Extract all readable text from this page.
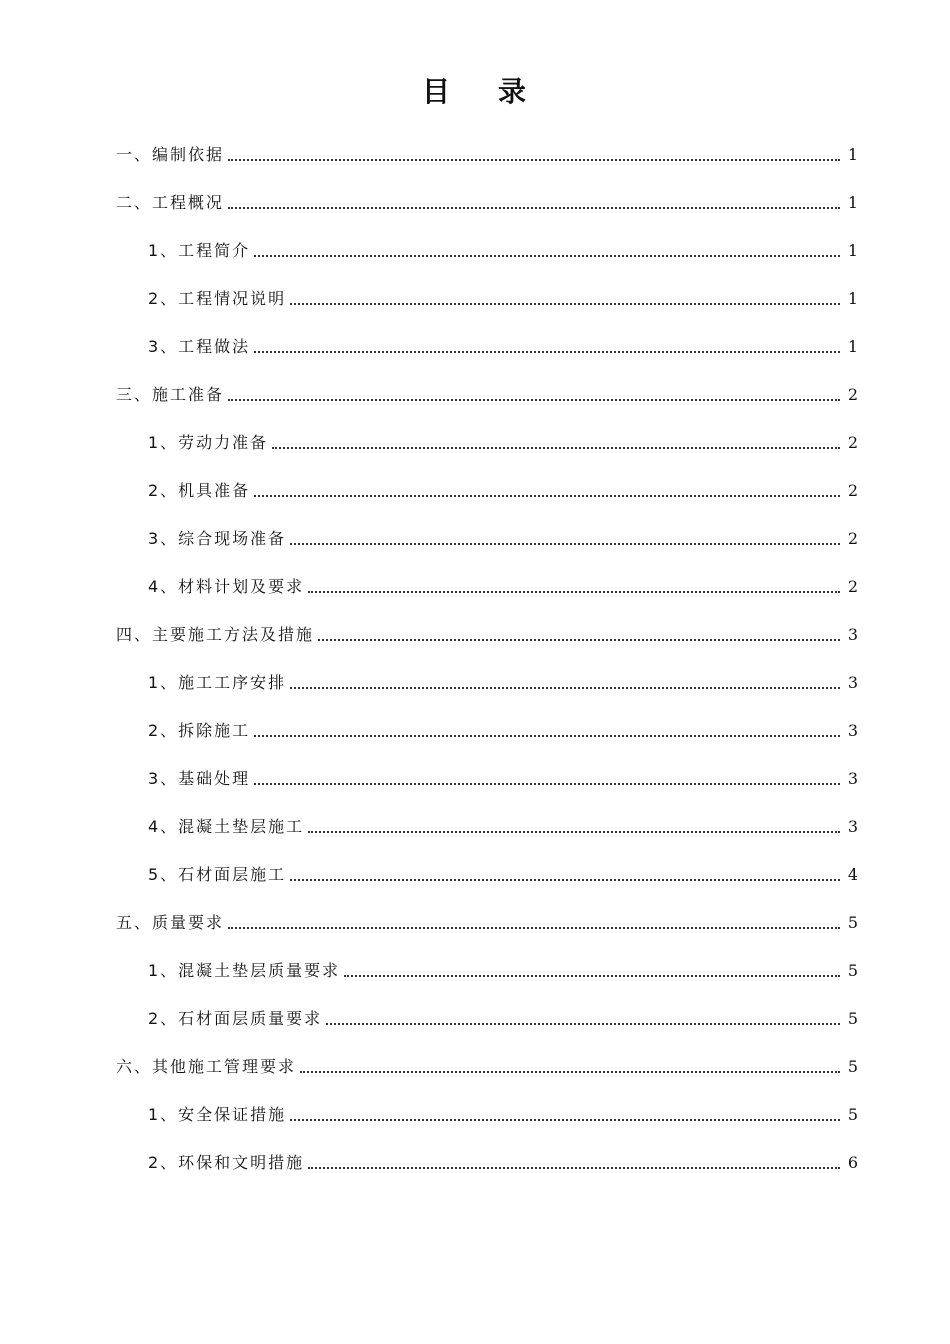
目 录
一、编制依据	1
二、工程概况	1
1、工程简介	1
2、工程情况说明	1
3、工程做法	1
三、施工准备	2
1、劳动力准备	2
2、机具准备	2
3、综合现场准备	2
4、材料计划及要求	2
四、主要施工方法及措施	3
1、施工工序安排	3
2、拆除施工	3
3、基础处理	3
4、混凝土垫层施工	3
5、石材面层施工	4
五、质量要求	5
1、混凝土垫层质量要求	5
2、石材面层质量要求	5
六、其他施工管理要求	5
1、安全保证措施	5
2、环保和文明措施	6
